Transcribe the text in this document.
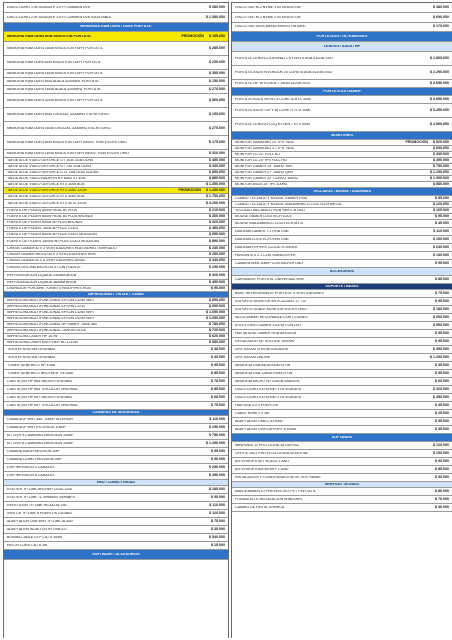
DISCO DURO 1TB SEAGATE 3.5 P/ CÁMARA DVR	$ 980.000
DISCO DURO 2TB SEAGATE 3.5 P/ CÁMARA DVR AJUSTABLE	$ 1.380.000
MEMORIAS RAM DDR4 / DDR5 PORTÁTIL
MEMORIA RAM DDR4 8GB KINGSTON PORTÁTIL	PROMOCIÓN	$ 155.000
MEMORIA RAM DDR4 16GB KINGSTON FURY PORTÁTIL	$ 285.000
MEMORIA RAM DDR5 8GB KINGSTON FURY PORTÁTIL	$ 230.000
MEMORIA RAM DDR5 16GB KINGSTON FURY PORTÁTIL	$ 355.000
MEMORIA RAM DDR4 8GB ADATA 3200MHZ PORTÁTIL	$ 150.000
MEMORIA RAM DDR4 16GB ADATA 3200MHZ PORTÁTIL	$ 270.000
MEMORIA RAM DDR4 32GB KINGSTON FURY PORTÁTIL	$ 560.000
MEMORIA RAM DDR4 8GB CRUCIAL 3200MHZ ESCRITORIO	$ 150.000
MEMORIA RAM DDR4 16GB CRUCIAL 3200MHZ ESCRITORIO	$ 275.000
MEMORIA RAM DDR4 8GB KINGSTON FURY BEAST RGB ESCRITORIO	$ 175.000
MEMORIA RAM DDR4 16GB KINGSTON FURY BEAST RGB ESCRITORIO	$ 320.000
TARJETA DE VIDEO GEFORCE GT 1030 2GB DDR5	$ 450.000
TARJETA DE VIDEO GEFORCE GT 730 2GB DDR3	$ 330.000
TARJETA DE VIDEO GEFORCE GTX 1650 4GB GDDR6	$ 890.000
TARJETA DE VIDEO RADEON RX 6500 XT 4GB	$ 880.000
TARJETA DE VIDEO GEFORCE RTX 3050 8GB	$ 1.350.000
TARJETA DE VIDEO GEFORCE RTX 3060 12GB	PROMOCIÓN	$ 1.450.000
TARJETA DE VIDEO GEFORCE RTX 4060 8GB	$ 1.750.000
TARJETA DE VIDEO GEFORCE RTX 4070 12GB	$ 3.200.000
FUENTE DE PODER 500W REAL 80 PLUS	$ 210.000
FUENTE DE PODER 600W REAL 80 PLUS BRONZE	$ 260.000
FUENTE DE PODER 650W 80 PLUS BRONZE	$ 320.000
FUENTE DE PODER 750W 80 PLUS GOLD	$ 480.000
FUENTE DE PODER 850W 80 PLUS GOLD MODULAR	$ 650.000
FUENTE DE PODER 1000W 80 PLUS GOLD MODULAR	$ 890.000
CHASIS GAMER ATX 3 VENTILADORES RGB VIDRIO TEMPLADO	$ 230.000
CHASIS GAMER MICRO ATX 4 VENTILADORES RGB	$ 250.000
CHASIS GAMER ATX 6 VENTILADORES ARGB	$ 340.000
CHASIS OFICINA MICRO ATX CON FUENTE	$ 150.000
REFRIGERACIÓN LÍQUIDA 240MM ARGB	$ 320.000
REFRIGERACIÓN LÍQUIDA 360MM ARGB	$ 450.000
DISIPADOR POR AIRE TORRE 4 HEATPIPES RGB	$ 95.000
IMPRESORAS / TINTAS / TÓNER
IMPRESORA MULTIFUNCIONAL EPSON L3250 WIFI	$ 850.000
IMPRESORA MULTIFUNCIONAL EPSON L3210	$ 690.000
IMPRESORA MULTIFUNCIONAL EPSON L4260 WIFI	$ 1.050.000
IMPRESORA MULTIFUNCIONAL EPSON L5290 WIFI	$ 1.250.000
IMPRESORA MULTIFUNCIONAL HP SMART TANK 580	$ 780.000
IMPRESORA MULTIFUNCIONAL CANON G3110	$ 720.000
IMPRESORA LÁSER HP 107W	$ 620.000
IMPRESORA LÁSER BROTHER HL-1212W	$ 590.000
TINTA EPSON 544 ORIGINAL	$ 38.000
TINTA EPSON 504 ORIGINAL	$ 40.000
TÓNER GENÉRICO HP 105A	$ 95.000
TÓNER GENÉRICO BROTHER TN-1060	$ 85.000
CARTUCHO HP 664 NEGRO ORIGINAL	$ 78.000
CARTUCHO HP 664 TRICOLOR ORIGINAL	$ 85.000
CARTUCHO HP 667 NEGRO ORIGINAL	$ 68.000
CARTUCHO HP 667 TRICOLOR ORIGINAL	$ 75.000
CÁMARAS DE SEGURIDAD
CÁMARA IP WIFI 360° 1080P INTERIOR	$ 110.000
CÁMARA IP WIFI EXTERIOR 1080P	$ 190.000
KIT DVR 4 CÁMARAS HIKVISION 1080P	$ 780.000
KIT DVR 8 CÁMARAS HIKVISION 1080P	$ 1.290.000
CÁMARA BALA HIKVISION 2MP	$ 95.000
CÁMARA DOMO HIKVISION 2MP	$ 90.000
DVR HIKVISION 4 CANALES	$ 280.000
DVR HIKVISION 8 CANALES	$ 390.000
RED / CONECTIVIDAD
ROUTER TP-LINK ARCHER C6 AC1200	$ 185.000
ROUTER TP-LINK TL-WR840N 300MBPS	$ 95.000
REPETIDOR TP-LINK RE200 AC750	$ 110.000
SWITCH TP-LINK 8 PUERTOS GIGABIT	$ 120.000
ADAPTADOR USB WIFI TP-LINK AC600	$ 75.000
ADAPTADOR BLUETOOTH USB 5.0	$ 35.000
BOBINA CABLE UTP CAT 6 305M	$ 540.000
PATCH CORD CAT 6 3M	$ 15.000
SOFTWARE / ACCESORIOS
DISCO SSD M.2 NVME 1TB KINGSTON	$ 380.000
DISCO SSD M.2 NVME 2TB KINGSTON	$ 690.000
DISCO SSD SATA 480GB KINGSTON A400	$ 170.000
PORTÁTILES / ULTRABOOKS
LENOVO / ASUS / HP
PORTÁTIL LENOVO IDEAPAD 1 RYZEN 5 8GB 512GB SSD	$ 1.890.000
PORTÁTIL ASUS VIVOBOOK 15 CORE I5 8GB 512GB SSD	$ 2.290.000
PORTÁTIL HP 15 RYZEN 7 16GB 512GB SSD	$ 2.690.000
PORTÁTILES GAMER
PORTÁTIL ACER NITRO 5 CORE I5 RTX 3050	$ 3.690.000
PORTÁTIL ASUS TUF F15 CORE I7 RTX 4060	$ 5.290.000
PORTÁTIL LENOVO LOQ RYZEN 7 RTX 4050	$ 4.590.000
MONITORES
MONITOR SAMSUNG 24" IPS 75HZ	PROMOCIÓN	$ 520.000
MONITOR SAMSUNG 27" IPS 75HZ	$ 690.000
MONITOR LG 22" FULL HD	$ 430.000
MONITOR LG 24" IPS FULL HD	$ 490.000
MONITOR GAMER 24" 165HZ 1MS	$ 750.000
MONITOR GAMER 27" 165HZ QHD	$ 1.190.000
MONITOR GAMER 32" CURVO 165HZ	$ 1.390.000
MONITOR ASUS 24" IPS 100HZ	$ 580.000
TECLADOS / MOUSE / DIADEMAS
COMBO TECLADO Y MOUSE GAMER RGB	$ 85.000
COMBO TECLADO Y MOUSE INALÁMBRICO LOGITECH MK235	$ 120.000
TECLADO MECÁNICO RGB SWITCH RED	$ 165.000
MOUSE GAMER LOGITECH G203	$ 95.000
MOUSE INALÁMBRICO LOGITECH M170	$ 45.000
DIADEMA GAMER 7.1 RGB USB	$ 110.000
DIADEMA LOGITECH H390 USB	$ 150.000
DIADEMA HYPERX CLOUD STINGER	$ 230.000
PARLANTES 2.1 CON SUBWOOFER	$ 130.000
CÁMARA WEB 1080P CON MICRÓFONO	$ 95.000
ACCESORIOS
CARGADOR PORTÁTIL UNIVERSAL 90W	$ 85.000
SOPORTE / BASES
BASE REFRIGERANTE PORTÁTIL 5 VENTILADORES	$ 75.000
SOPORTE MONITOR ARTICULADO 17"-32"	$ 95.000
SOPORTE DOBLE MONITOR ESCRITORIO	$ 180.000
SILLA GAMER RECLINABLE CON COJINES	$ 690.000
ESCRITORIO GAMER 120CM CON LED	$ 590.000
PAD MOUSE GAMER RGB 80X30CM	$ 55.000
REGULADOR DE VOLTAJE 1000VA	$ 95.000
UPS 1000VA CON REGULADOR	$ 390.000
UPS 2000VA ONLINE	$ 1.290.000
MEMORIA USB 64GB KINGSTON	$ 35.000
MEMORIA USB 128GB KINGSTON	$ 55.000
MEMORIA MICRO SD 128GB SANDISK	$ 60.000
DISCO DURO EXTERNO 1TB SEAGATE	$ 320.000
DISCO DURO EXTERNO 2TB SEAGATE	$ 450.000
HUB USB 3.0 4 PUERTOS	$ 45.000
CABLE HDMI 2.0 3M	$ 25.000
ADAPTADOR USB-C A HDMI	$ 55.000
ADAPTADOR DISPLAYPORT A HDMI	$ 35.000
SOFTWARE
WINDOWS 11 PRO LICENCIA DIGITAL	$ 120.000
OFFICE 2021 PRO PLUS LICENCIA DIGITAL	$ 150.000
ANTIVIRUS ESET NOD32 1 AÑO	$ 90.000
ANTIVIRUS KASPERSKY 1 AÑO	$ 85.000
INSTALACIÓN Y CONFIGURACIÓN DE SOFTWARE	$ 50.000
SERVICIO TÉCNICO
MANTENIMIENTO PREVENTIVO PC / PORTÁTIL	$ 80.000
FORMATEO E INSTALACIÓN WINDOWS	$ 70.000
CAMBIO DE PASTA TÉRMICA	$ 40.000
